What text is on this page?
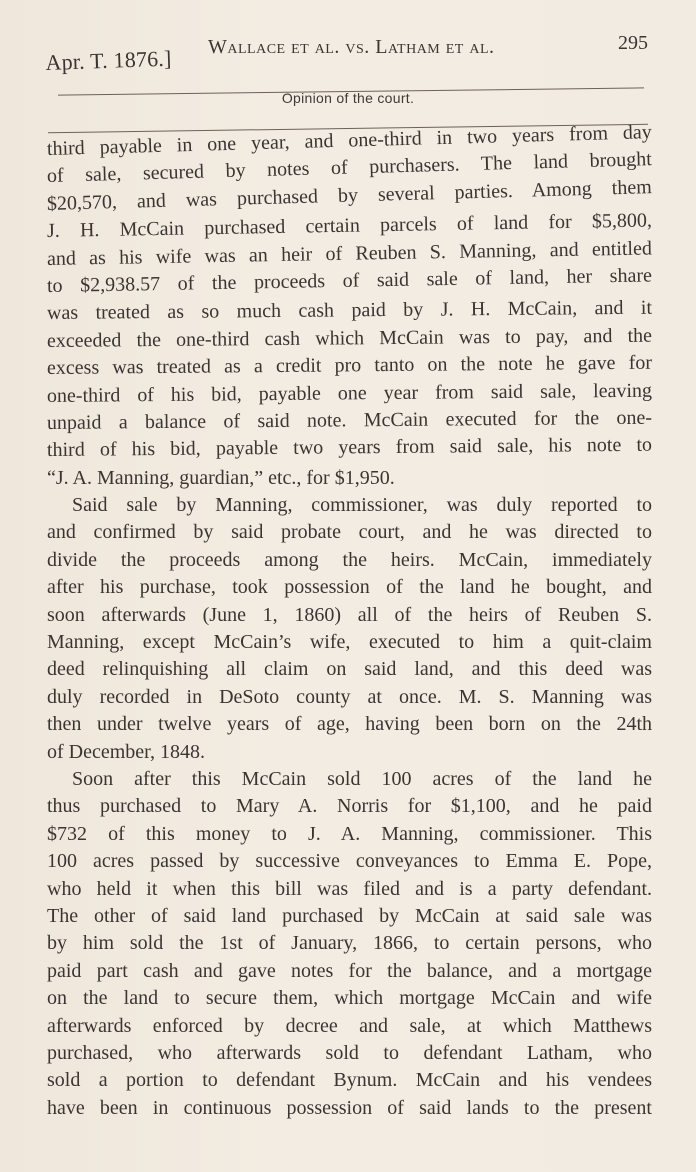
Apr. T. 1876.] Wallace et al. vs. Latham et al.	295
Opinion of the court.
third payable in one year, and one-third in two years from day
of sale, secured by notes of purchasers. The land brought
$20,570, and was purchased by several parties. Among them
J. H. McCain purchased certain parcels of land for $5,800,
and as his wife was an heir of Reuben S. Manning, and entitled
to $2,938.57 of the proceeds of said sale of land, her share
was treated as so much cash paid by J. H. McCain, and it
exceeded the one-third cash which McCain was to pay, and the
excess was treated as a credit pro tanto on the note he gave for
one-third of his bid, payable one year from said sale, leaving
unpaid a balance of said note. McCain executed for the one-
third of his bid, payable two years from said sale, his note to
“J. A. Manning, guardian,” etc., for $1,950.
Said sale by Manning, commissioner, was duly reported to
and confirmed by said probate court, and he was directed to
divide the proceeds among the heirs. McCain, immediately
after his purchase, took possession of the land he bought, and
soon afterwards (June 1, 1860) all of the heirs of Reuben S.
Manning, except McCain’s wife, executed to him a quit-claim
deed relinquishing all claim on said land, and this deed was
duly recorded in DeSoto county at once. M. S. Manning was
then under twelve years of age, having been born on the 24th
of December, 1848.
Soon after this McCain sold 100 acres of the land he
thus purchased to Mary A. Norris for $1,100, and he paid
$732 of this money to J. A. Manning, commissioner. This
100 acres passed by successive conveyances to Emma E. Pope,
who held it when this bill was filed and is a party defendant.
The other of said land purchased by McCain at said sale was
by him sold the 1st of January, 1866, to certain persons, who
paid part cash and gave notes for the balance, and a mortgage
on the land to secure them, which mortgage McCain and wife
afterwards enforced by decree and sale, at which Matthews
purchased, who afterwards sold to defendant Latham, who
sold a portion to defendant Bynum. McCain and his vendees
have been in continuous possession of said lands to the present
